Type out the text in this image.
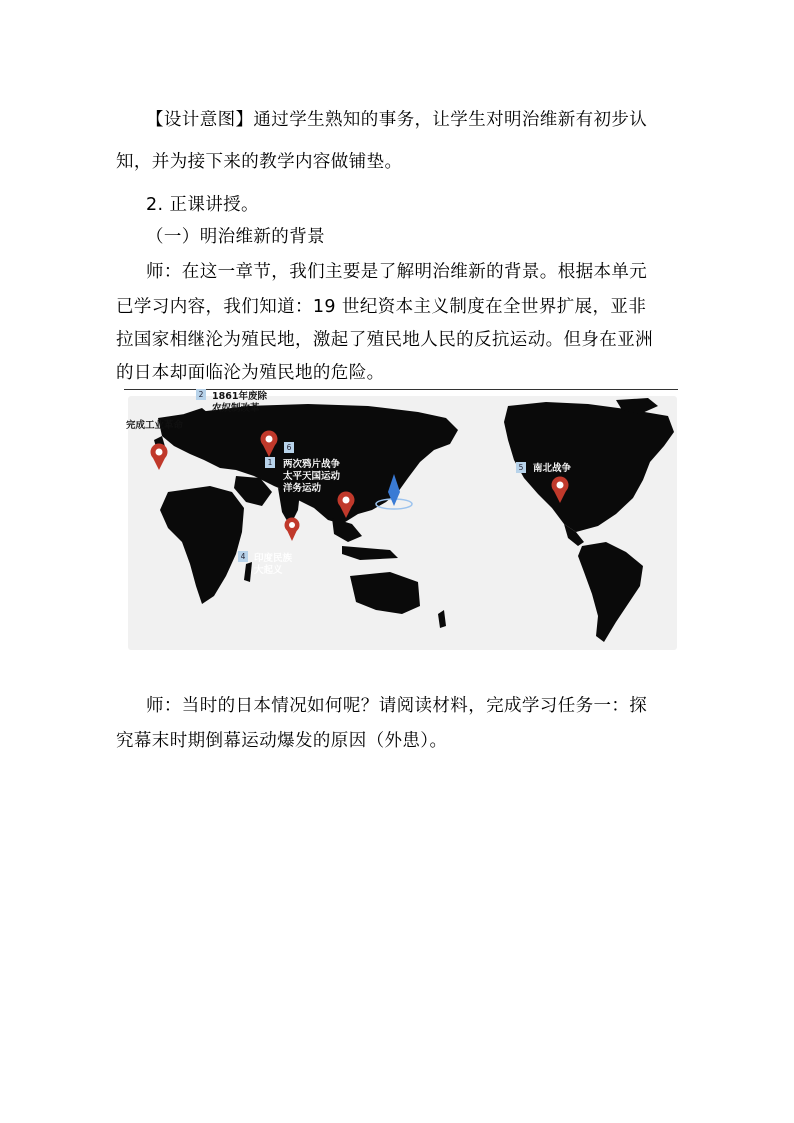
【设计意图】通过学生熟知的事务，让学生对明治维新有初步认
知，并为接下来的教学内容做铺垫。
2. 正课讲授。
（一）明治维新的背景
师：在这一章节，我们主要是了解明治维新的背景。根据本单元
已学习内容，我们知道：19 世纪资本主义制度在全世界扩展，亚非
拉国家相继沦为殖民地，激起了殖民地人民的反抗运动。但身在亚洲
的日本却面临沦为殖民地的危险。
完成工业革命
2 1861年废除
农奴制改革
6
1 两次鸦片战争
太平天国运动
洋务运动
4 印度民族
大起义
5 南北战争
师：当时的日本情况如何呢？请阅读材料，完成学习任务一：探
究幕末时期倒幕运动爆发的原因（外患）。
